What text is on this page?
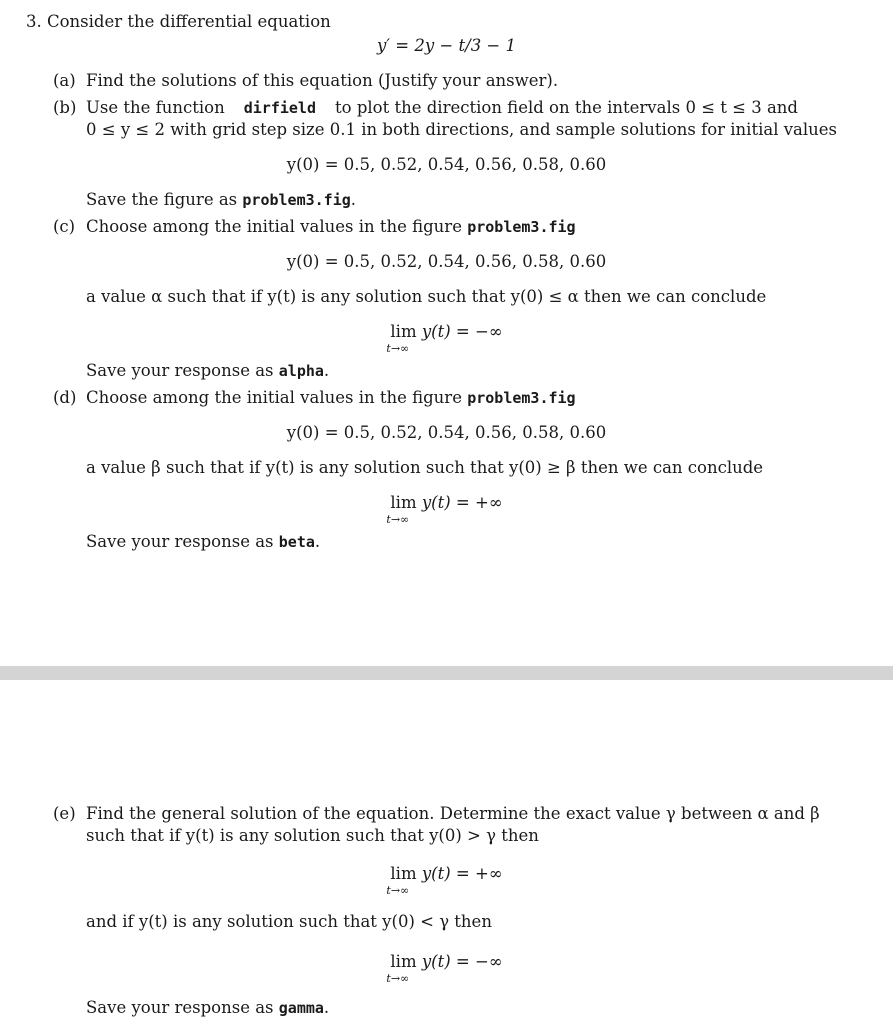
3. Consider the differential equation
y′ = 2y − t/3 − 1
(a) Find the solutions of this equation (Justify your answer).
(b) Use the function dirfield to plot the direction field on the intervals 0 ≤ t ≤ 3 and
0 ≤ y ≤ 2 with grid step size 0.1 in both directions, and sample solutions for initial values
y(0) = 0.5, 0.52, 0.54, 0.56, 0.58, 0.60
Save the figure as problem3.fig.
(c) Choose among the initial values in the figure problem3.fig
y(0) = 0.5, 0.52, 0.54, 0.56, 0.58, 0.60
a value α such that if y(t) is any solution such that y(0) ≤ α then we can conclude
lim
t→∞
y(t) = −∞
Save your response as alpha.
(d) Choose among the initial values in the figure problem3.fig
y(0) = 0.5, 0.52, 0.54, 0.56, 0.58, 0.60
a value β such that if y(t) is any solution such that y(0) ≥ β then we can conclude
lim
t→∞
y(t) = +∞
Save your response as beta.
(e) Find the general solution of the equation. Determine the exact value γ between α and β
such that if y(t) is any solution such that y(0) > γ then
lim
t→∞
y(t) = +∞
and if y(t) is any solution such that y(0) < γ then
lim
t→∞
y(t) = −∞
Save your response as gamma.
